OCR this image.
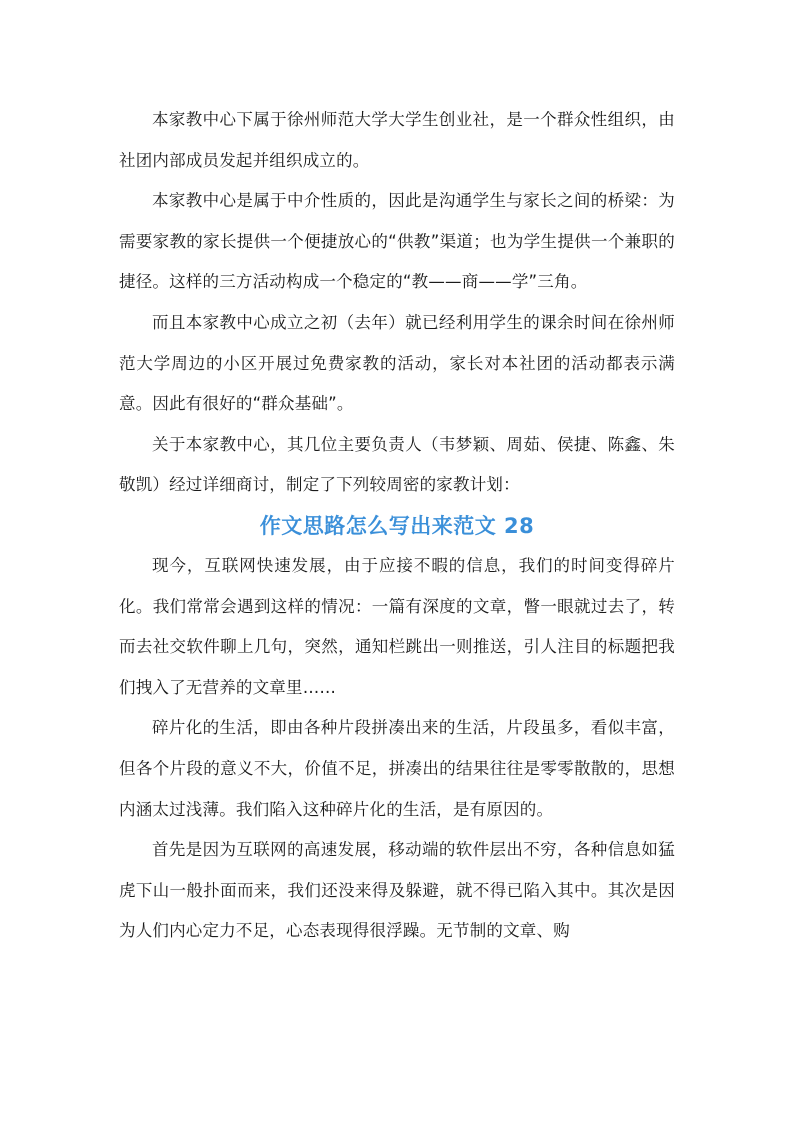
本家教中心下属于徐州师范大学大学生创业社，是一个群众性组织，由社团内部成员发起并组织成立的。

本家教中心是属于中介性质的，因此是沟通学生与家长之间的桥梁：为需要家教的家长提供一个便捷放心的“供教”渠道；也为学生提供一个兼职的捷径。这样的三方活动构成一个稳定的“教——商——学”三角。

而且本家教中心成立之初（去年）就已经利用学生的课余时间在徐州师范大学周边的小区开展过免费家教的活动，家长对本社团的活动都表示满意。因此有很好的“群众基础”。

关于本家教中心，其几位主要负责人（韦梦颖、周茹、侯捷、陈鑫、朱敬凯）经过详细商讨，制定了下列较周密的家教计划：

作文思路怎么写出来范文 28

现今，互联网快速发展，由于应接不暇的信息，我们的时间变得碎片化。我们常常会遇到这样的情况：一篇有深度的文章，瞥一眼就过去了，转而去社交软件聊上几句，突然，通知栏跳出一则推送，引人注目的标题把我们拽入了无营养的文章里……

碎片化的生活，即由各种片段拼凑出来的生活，片段虽多，看似丰富，但各个片段的意义不大，价值不足，拼凑出的结果往往是零零散散的，思想内涵太过浅薄。我们陷入这种碎片化的生活，是有原因的。

首先是因为互联网的高速发展，移动端的软件层出不穷，各种信息如猛虎下山一般扑面而来，我们还没来得及躲避，就不得已陷入其中。其次是因为人们内心定力不足，心态表现得很浮躁。无节制的文章、购
